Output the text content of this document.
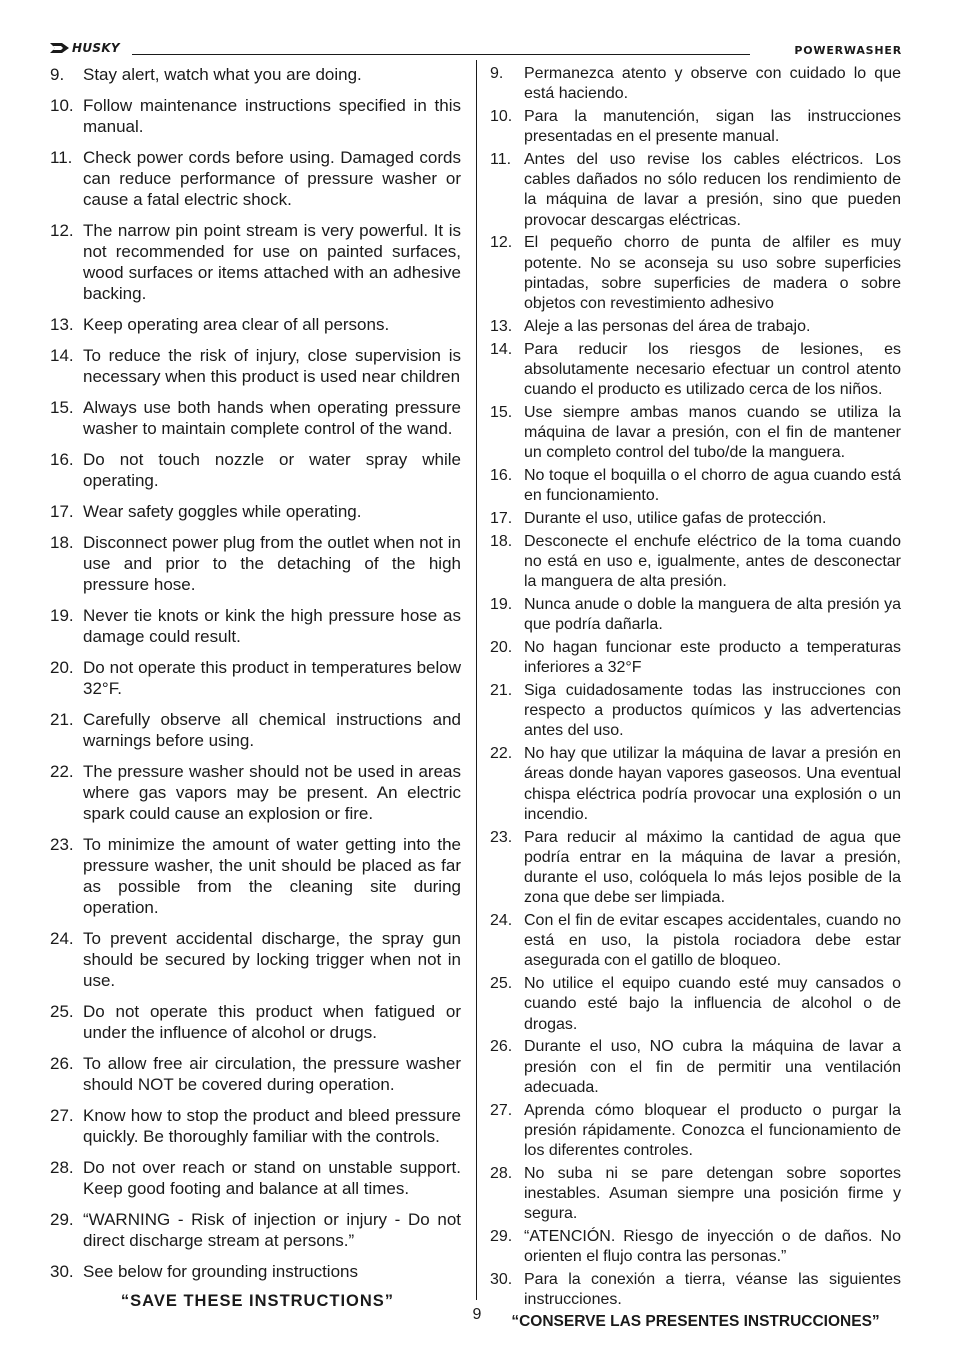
HUSKY	POWERWASHER
9.	Stay alert, watch what you are doing.
10. Follow maintenance instructions specified in this manual.
11. Check power cords before using. Damaged cords can reduce performance of pressure washer or cause a fatal electric shock.
12. The narrow pin point stream is very powerful. It is not recommended for use on painted surfaces, wood surfaces or items attached with an adhesive backing.
13. Keep operating area clear of all persons.
14. To reduce the risk of injury, close supervision is necessary when this product is used near children
15. Always use both hands when operating pressure washer to maintain complete control of the wand.
16. Do not touch nozzle or water spray while operating.
17. Wear safety goggles while operating.
18. Disconnect power plug from the outlet when not in use and prior to the detaching of the high pressure hose.
19. Never tie knots or kink the high pressure hose as damage could result.
20. Do not operate this product in temperatures below 32°F.
21. Carefully observe all chemical instructions and warnings before using.
22. The pressure washer should not be used in areas where gas vapors may be present. An electric spark could cause an explosion or fire.
23. To minimize the amount of water getting into the pressure washer, the unit should be placed as far as possible from the cleaning site during operation.
24. To prevent accidental discharge, the spray gun should be secured by locking trigger when not in use.
25. Do not operate this product when fatigued or under the influence of alcohol or drugs.
26. To allow free air circulation, the pressure washer should NOT be covered during operation.
27. Know how to stop the product and bleed pressure quickly. Be thoroughly familiar with the controls.
28. Do not over reach or stand on unstable support. Keep good footing and balance at all times.
29. “WARNING - Risk of injection or injury - Do not direct discharge stream at persons.”
30. See below for grounding instructions
“SAVE THESE INSTRUCTIONS”
9.	Permanezca atento y observe con cuidado lo que está haciendo.
10. Para la manutención, sigan las instrucciones presentadas en el presente manual.
11. Antes del uso revise los cables eléctricos. Los cables dañados no sólo reducen los rendimiento de la máquina de lavar a presión, sino que pueden provocar descargas eléctricas.
12. El pequeño chorro de punta de alfiler es muy potente. No se aconseja su uso sobre superficies pintadas, sobre superficies de madera o sobre objetos con revestimiento adhesivo
13. Aleje a las personas del área de trabajo.
14. Para reducir los riesgos de lesiones, es absolutamente necesario efectuar un control atento cuando el producto es utilizado cerca de los niños.
15. Use siempre ambas manos cuando se utiliza la máquina de lavar a presión, con el fin de mantener un completo control del tubo/de la manguera.
16. No toque el boquilla o el chorro de agua cuando está en funcionamiento.
17. Durante el uso, utilice gafas de protección.
18. Desconecte el enchufe eléctrico de la toma cuando no está en uso e, igualmente, antes de desconectar la manguera de alta presión.
19. Nunca anude o doble la manguera de alta presión ya que podría dañarla.
20. No hagan funcionar este producto a temperaturas inferiores a 32°F
21. Siga cuidadosamente todas las instrucciones con respecto a productos químicos y las advertencias antes del uso.
22. No hay que utilizar la máquina de lavar a presión en áreas donde hayan vapores gaseosos. Una eventual chispa eléctrica podría provocar una explosión o un incendio.
23. Para reducir al máximo la cantidad de agua que podría entrar en la máquina de lavar a presión, durante el uso, colóquela lo más lejos posible de la zona que debe ser limpiada.
24. Con el fin de evitar escapes accidentales, cuando no está en uso, la pistola rociadora debe estar asegurada con el gatillo de bloqueo.
25. No utilice el equipo cuando esté muy cansados o cuando esté bajo la influencia de alcohol o de drogas.
26. Durante el uso, NO cubra la máquina de lavar a presión con el fin de permitir una ventilación adecuada.
27. Aprenda cómo bloquear el producto o purgar la presión rápidamente. Conozca el funcionamiento de los diferentes controles.
28. No suba ni se pare detengan sobre soportes inestables. Asuman siempre una posición firme y segura.
29. “ATENCIÓN. Riesgo de inyección o de daños. No orienten el flujo contra las personas.”
30. Para la conexión a tierra, véanse las siguientes instrucciones.
“CONSERVE LAS PRESENTES INSTRUCCIONES”
9
